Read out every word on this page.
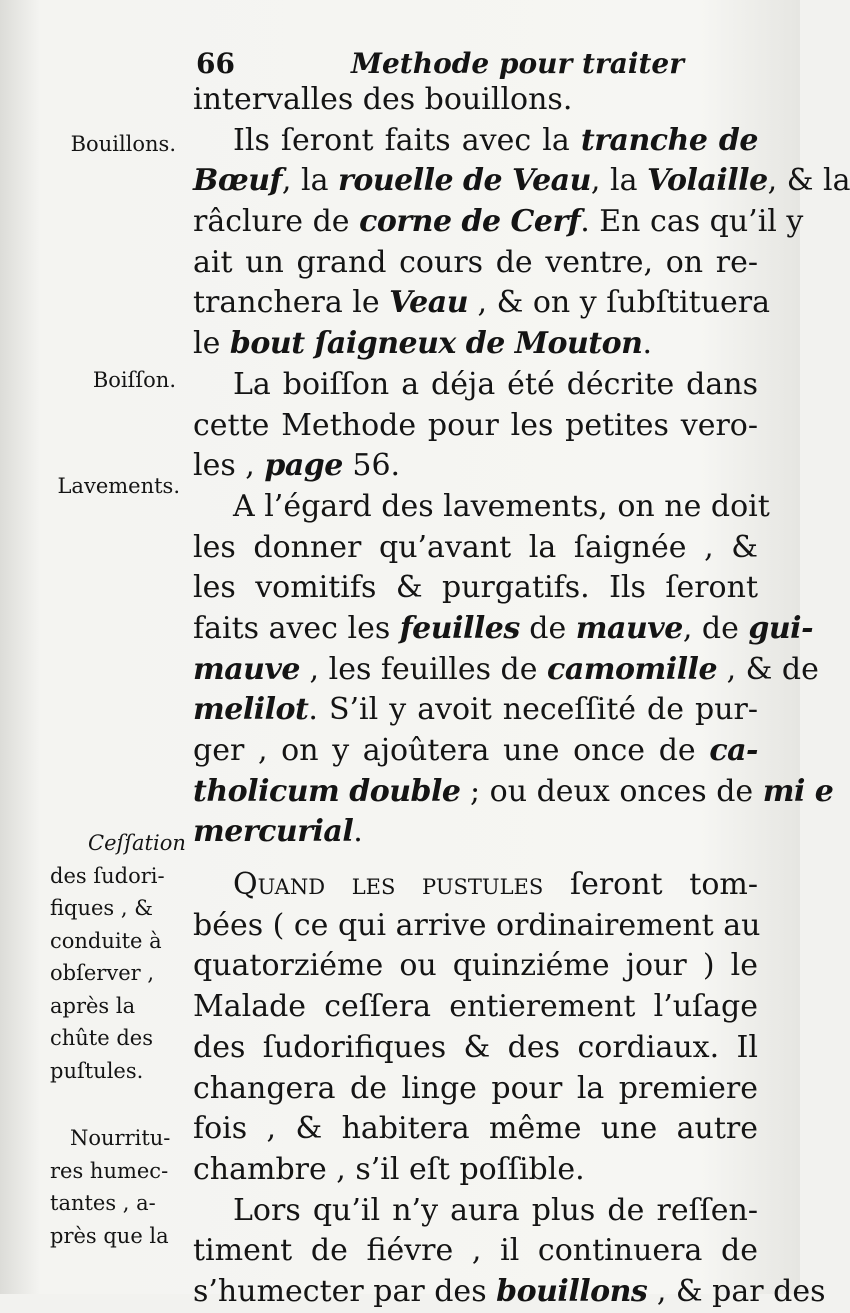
66	Methode pour traiter
Bouillons.
Boiſſon.
Lavements.
Ceſſation
des ſudori-
fiques , &
conduite à
obſerver ,
après la
chûte des
puſtules.
Nourritu-
res humec-
tantes , a-
près que la
intervalles des bouillons.
Ils ſeront faits avec la tranche de
Bœuf, la rouelle de Veau, la Volaille, & la
râclure de corne de Cerf. En cas qu’il y
ait un grand cours de ventre, on re-
tranchera le Veau , & on y ſubſtituera
le bout ſaigneux de Mouton.
La boiſſon a déja été décrite dans
cette Methode pour les petites vero-
les , page 56.
A l’égard des lavements, on ne doit
les donner qu’avant la ſaignée , &
les vomitifs & purgatifs. Ils ſeront
faits avec les feuilles de mauve, de gui-
mauve , les feuilles de camomille , & de
melilot. S’il y avoit neceſſité de pur-
ger , on y ajoûtera une once de ca-
tholicum double ; ou deux onces de mi e
mercurial.
Quand les pustules ſeront tom-
bées ( ce qui arrive ordinairement au
quatorziéme ou quinziéme jour ) le
Malade ceſſera entierement l’uſage
des ſudorifiques & des cordiaux. Il
changera de linge pour la premiere
fois , & habitera même une autre
chambre , s’il eſt poſſible.
Lors qu’il n’y aura plus de reſſen-
timent de fiévre , il continuera de
s’humecter par des bouillons , & par des
